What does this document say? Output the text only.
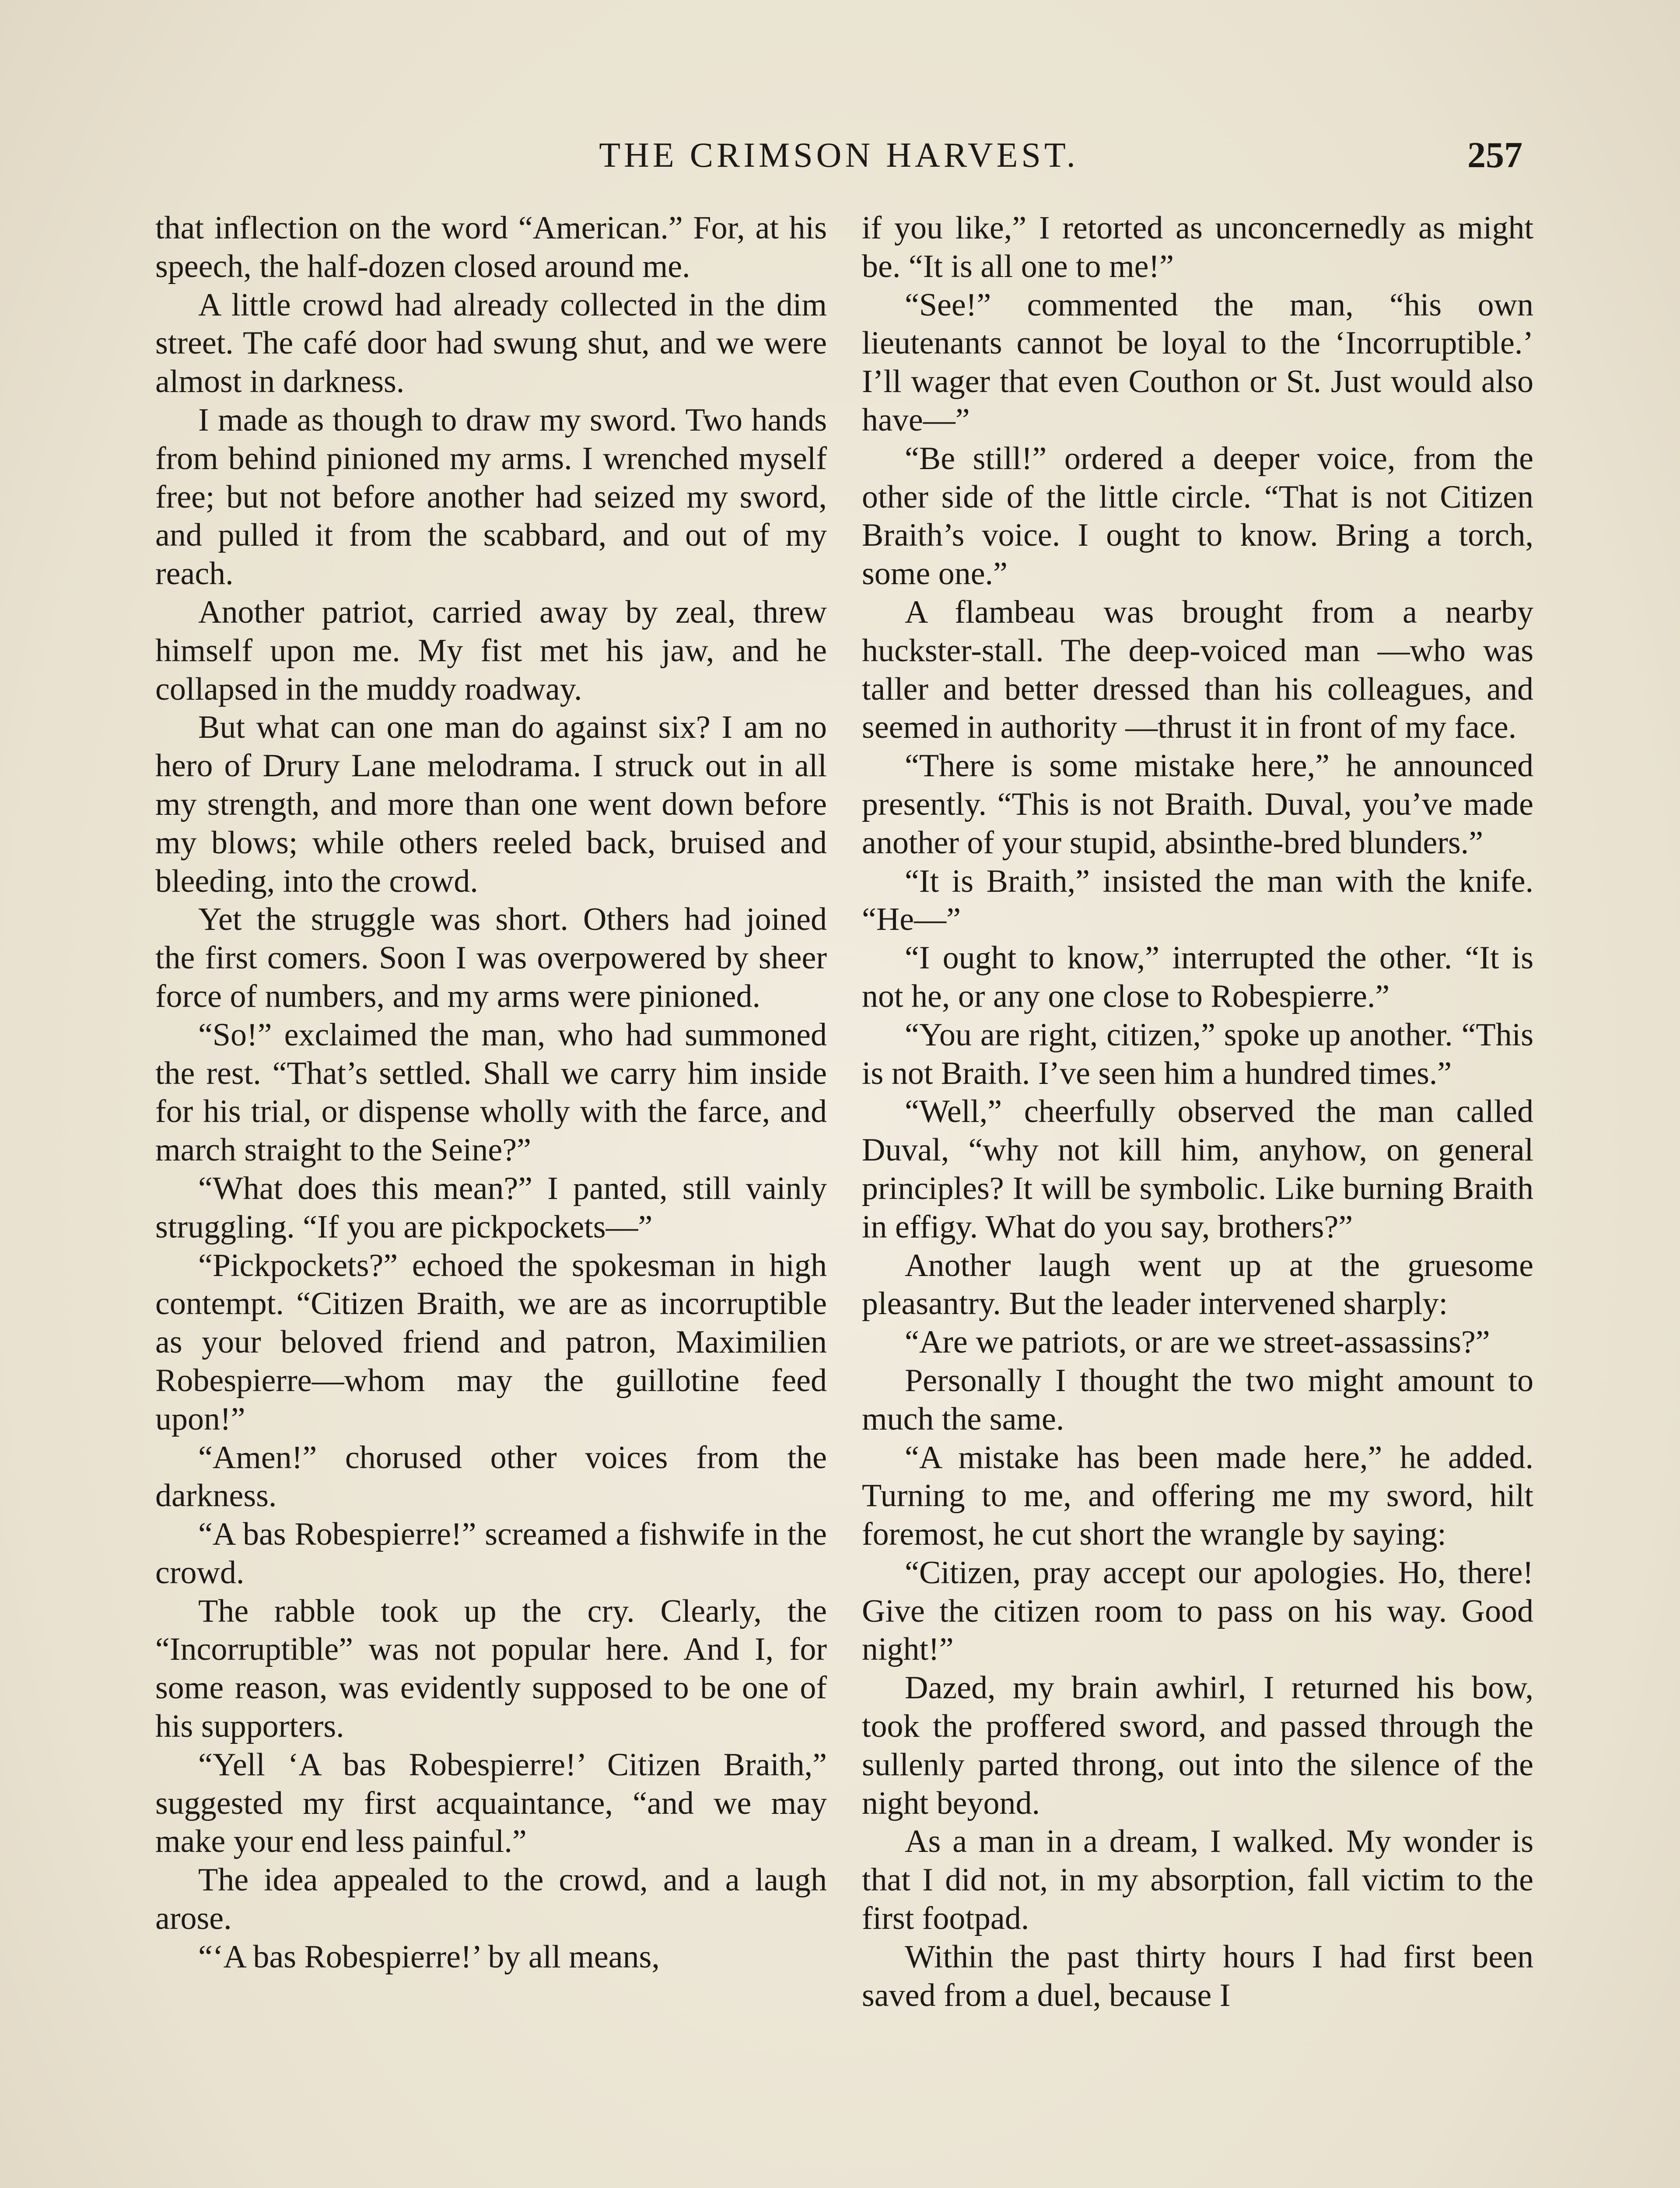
THE CRIMSON HARVEST.	257

that inflection on the word “American.” For, at his speech, the half-dozen closed around me.

A little crowd had already collected in the dim street. The café door had swung shut, and we were almost in darkness.

I made as though to draw my sword. Two hands from behind pinioned my arms. I wrenched myself free; but not before another had seized my sword, and pulled it from the scabbard, and out of my reach.

Another patriot, carried away by zeal, threw himself upon me. My fist met his jaw, and he collapsed in the muddy roadway.

But what can one man do against six? I am no hero of Drury Lane melodrama. I struck out in all my strength, and more than one went down before my blows; while others reeled back, bruised and bleeding, into the crowd.

Yet the struggle was short. Others had joined the first comers. Soon I was overpowered by sheer force of numbers, and my arms were pinioned.

“So!” exclaimed the man, who had summoned the rest. “That’s settled. Shall we carry him inside for his trial, or dispense wholly with the farce, and march straight to the Seine?”

“What does this mean?” I panted, still vainly struggling. “If you are pickpockets—”

“Pickpockets?” echoed the spokesman in high contempt. “Citizen Braith, we are as incorruptible as your beloved friend and patron, Maximilien Robespierre—whom may the guillotine feed upon!”

“Amen!” chorused other voices from the darkness.

“A bas Robespierre!” screamed a fishwife in the crowd.

The rabble took up the cry. Clearly, the “Incorruptible” was not popular here. And I, for some reason, was evidently supposed to be one of his supporters.

“Yell ‘A bas Robespierre!’ Citizen Braith,” suggested my first acquaintance, “and we may make your end less painful.”

The idea appealed to the crowd, and a laugh arose.

“‘A bas Robespierre!’ by all means,

if you like,” I retorted as unconcernedly as might be. “It is all one to me!”

“See!” commented the man, “his own lieutenants cannot be loyal to the ‘Incorruptible.’ I’ll wager that even Couthon or St. Just would also have—”

“Be still!” ordered a deeper voice, from the other side of the little circle. “That is not Citizen Braith’s voice. I ought to know. Bring a torch, some one.”

A flambeau was brought from a nearby huckster-stall. The deep-voiced man —who was taller and better dressed than his colleagues, and seemed in authority —thrust it in front of my face.

“There is some mistake here,” he announced presently. “This is not Braith. Duval, you’ve made another of your stupid, absinthe-bred blunders.”

“It is Braith,” insisted the man with the knife. “He—”

“I ought to know,” interrupted the other. “It is not he, or any one close to Robespierre.”

“You are right, citizen,” spoke up another. “This is not Braith. I’ve seen him a hundred times.”

“Well,” cheerfully observed the man called Duval, “why not kill him, anyhow, on general principles? It will be symbolic. Like burning Braith in effigy. What do you say, brothers?”

Another laugh went up at the gruesome pleasantry. But the leader intervened sharply:

“Are we patriots, or are we street-assassins?”

Personally I thought the two might amount to much the same.

“A mistake has been made here,” he added. Turning to me, and offering me my sword, hilt foremost, he cut short the wrangle by saying:

“Citizen, pray accept our apologies. Ho, there! Give the citizen room to pass on his way. Good night!”

Dazed, my brain awhirl, I returned his bow, took the proffered sword, and passed through the sullenly parted throng, out into the silence of the night beyond.

As a man in a dream, I walked. My wonder is that I did not, in my absorption, fall victim to the first footpad.

Within the past thirty hours I had first been saved from a duel, because I
